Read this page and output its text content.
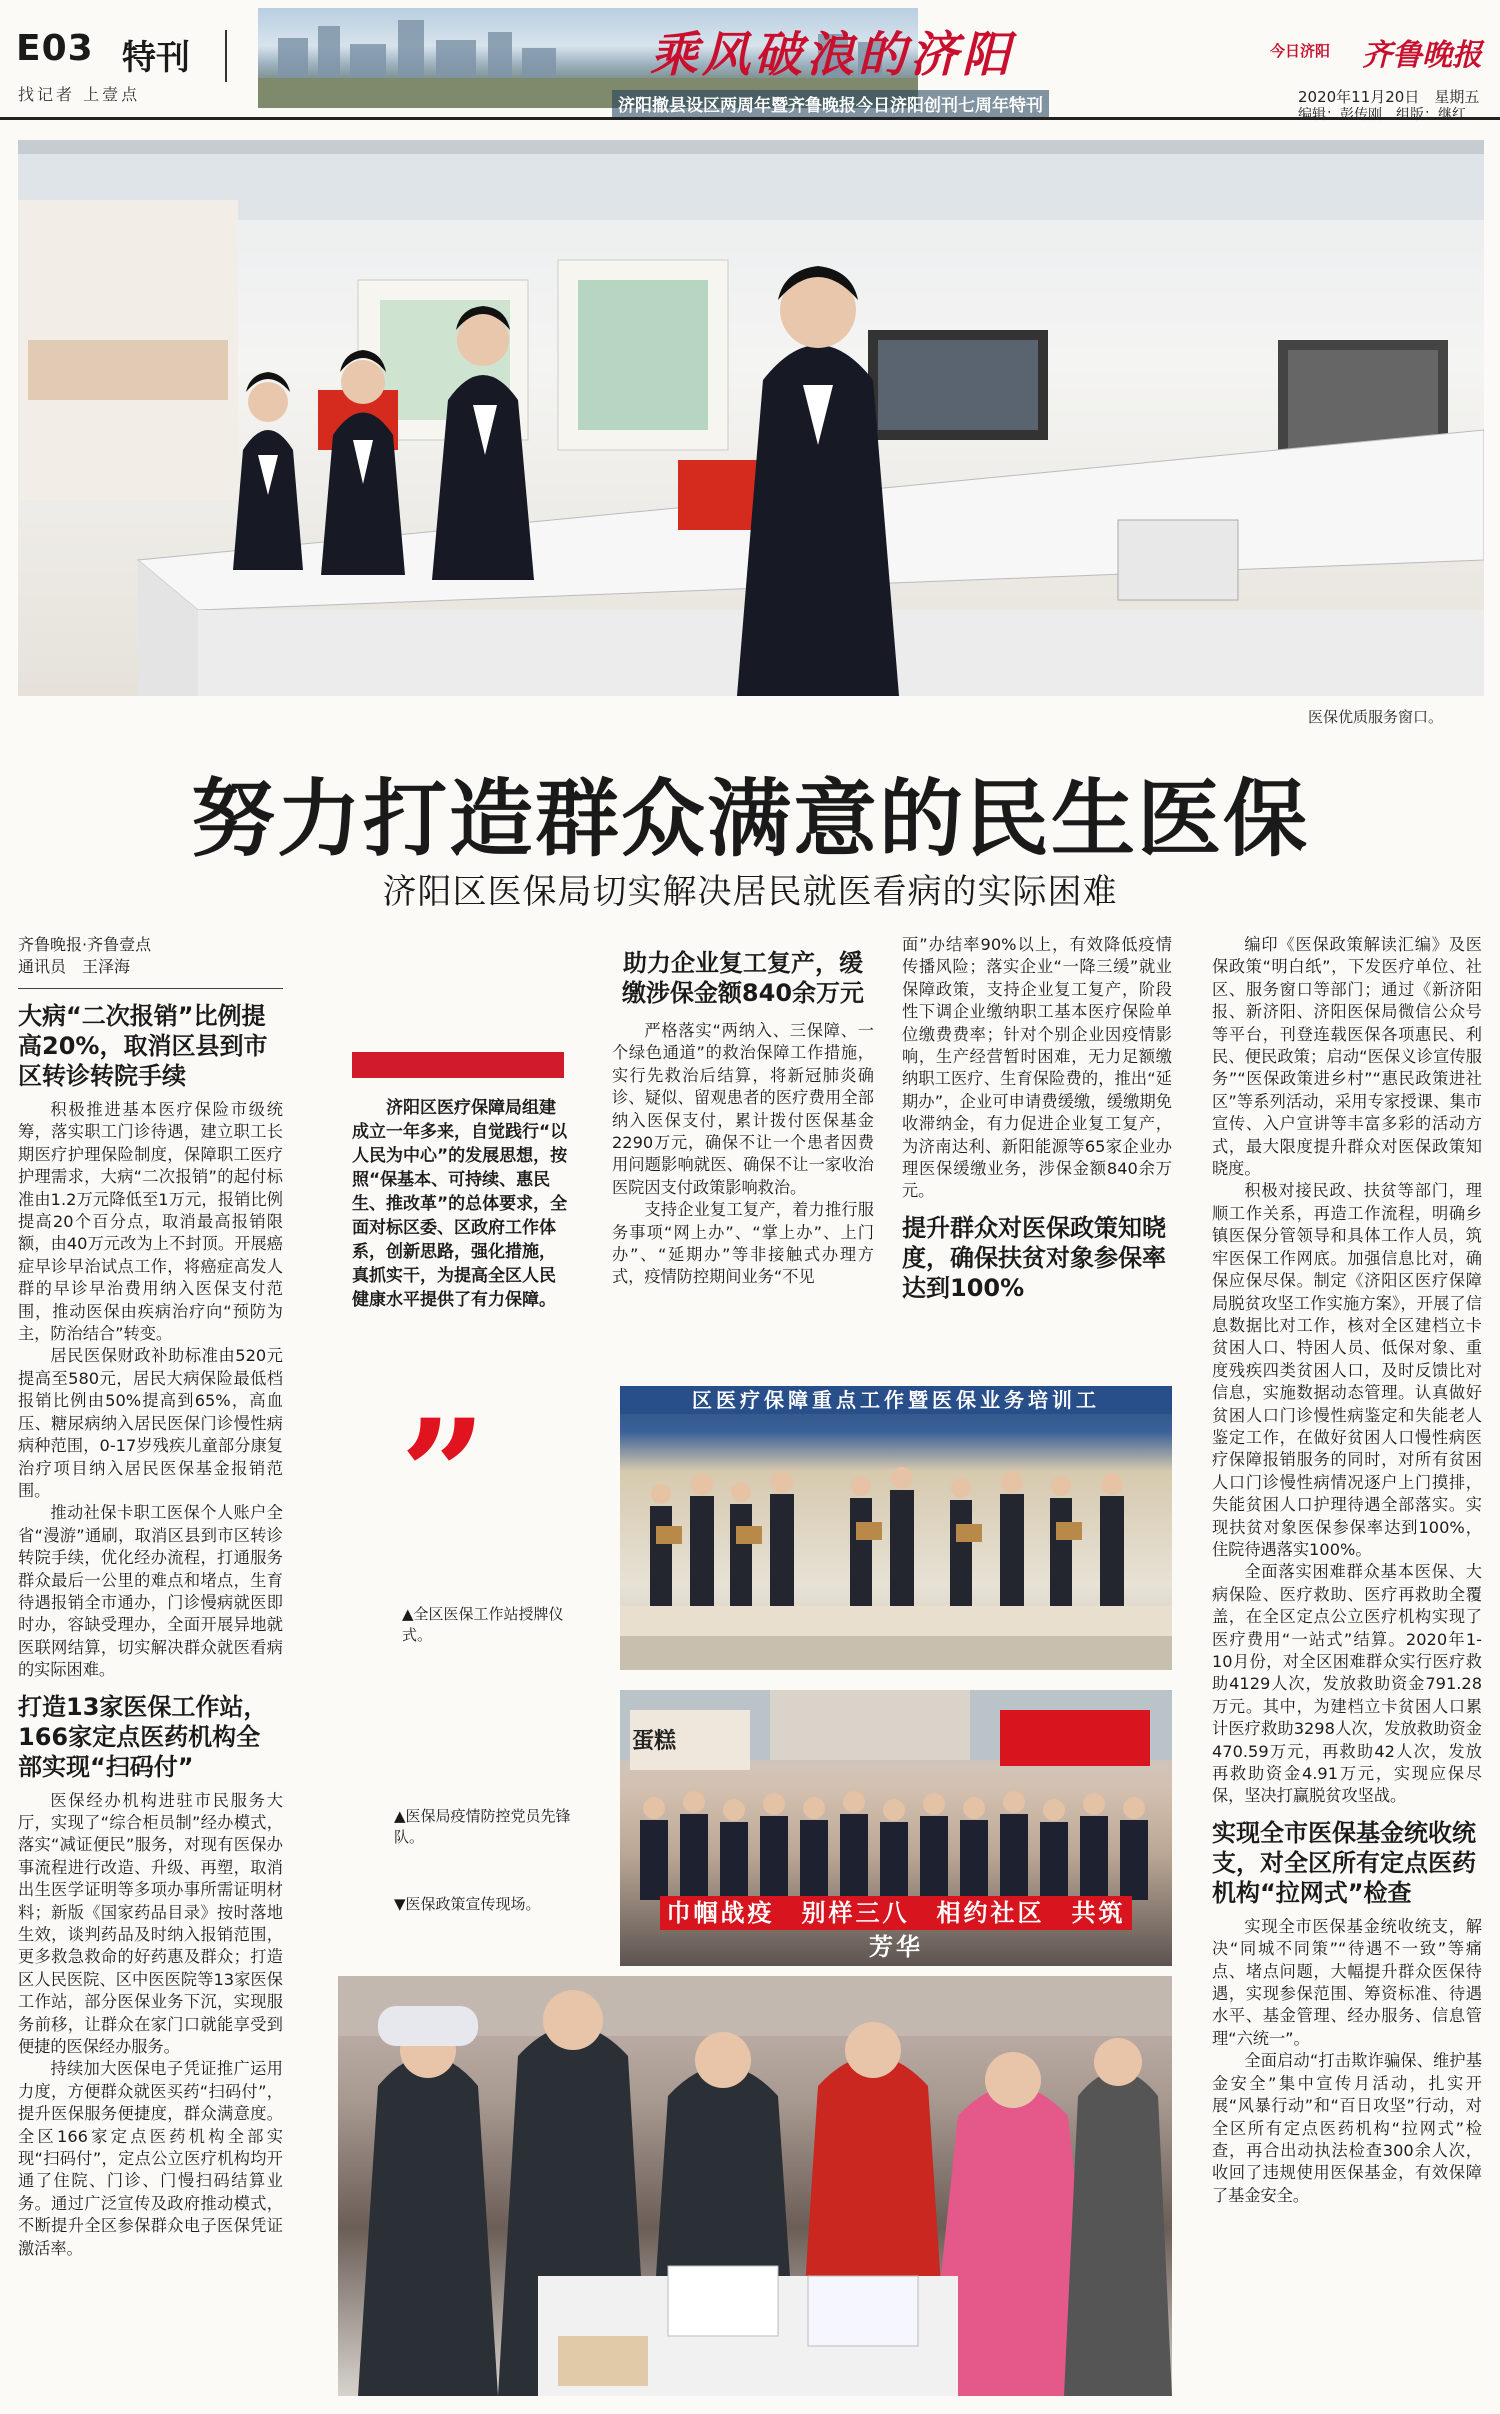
E03 特刊
找记者 上壹点
乘风破浪的济阳
济阳撤县设区两周年暨齐鲁晚报今日济阳创刊七周年特刊
今日济阳 齐鲁晚报
2020年11月20日　星期五
编辑：彭传刚　组版：继红
医保优质服务窗口。
努力打造群众满意的民生医保
济阳区医保局切实解决居民就医看病的实际困难
齐鲁晚报·齐鲁壹点
通讯员　王泽海
大病“二次报销”比例提高20%，取消区县到市区转诊转院手续

积极推进基本医疗保险市级统筹，落实职工门诊待遇，建立职工长期医疗护理保险制度，保障职工医疗护理需求，大病“二次报销”的起付标准由1.2万元降低至1万元，报销比例提高20个百分点，取消最高报销限额，由40万元改为上不封顶。开展癌症早诊早治试点工作，将癌症高发人群的早诊早治费用纳入医保支付范围，推动医保由疾病治疗向“预防为主，防治结合”转变。

居民医保财政补助标准由520元提高至580元，居民大病保险最低档报销比例由50%提高到65%，高血压、糖尿病纳入居民医保门诊慢性病病种范围，0-17岁残疾儿童部分康复治疗项目纳入居民医保基金报销范围。

推动社保卡职工医保个人账户全省“漫游”通刷，取消区县到市区转诊转院手续，优化经办流程，打通服务群众最后一公里的难点和堵点，生育待遇报销全市通办，门诊慢病就医即时办，容缺受理办，全面开展异地就医联网结算，切实解决群众就医看病的实际困难。

打造13家医保工作站，166家定点医药机构全部实现“扫码付”

医保经办机构进驻市民服务大厅，实现了“综合柜员制”经办模式，落实“减证便民”服务，对现有医保办事流程进行改造、升级、再塑，取消出生医学证明等多项办事所需证明材料；新版《国家药品目录》按时落地生效，谈判药品及时纳入报销范围，更多救急救命的好药惠及群众；打造区人民医院、区中医医院等13家医保工作站，部分医保业务下沉，实现服务前移，让群众在家门口就能享受到便捷的医保经办服务。

持续加大医保电子凭证推广运用力度，方便群众就医买药“扫码付”，提升医保服务便捷度，群众满意度。全区166家定点医药机构全部实现“扫码付”，定点公立医疗机构均开通了住院、门诊、门慢扫码结算业务。通过广泛宣传及政府推动模式，不断提升全区参保群众电子医保凭证激活率。

济阳区医疗保障局组建成立一年多来，自觉践行“以人民为中心”的发展思想，按照“保基本、可持续、惠民生、推改革”的总体要求，全面对标区委、区政府工作体系，创新思路，强化措施，真抓实干，为提高全区人民健康水平提供了有力保障。

”
▲全区医保工作站授牌仪式。
▲医保局疫情防控党员先锋队。
▼医保政策宣传现场。
助力企业复工复产，缓缴涉保金额840余万元

严格落实“两纳入、三保障、一个绿色通道”的救治保障工作措施，实行先救治后结算，将新冠肺炎确诊、疑似、留观患者的医疗费用全部纳入医保支付，累计拨付医保基金2290万元，确保不让一个患者因费用问题影响就医、确保不让一家收治医院因支付政策影响救治。

支持企业复工复产，着力推行服务事项“网上办”、“掌上办”、上门办”、“延期办”等非接触式办理方式，疫情防控期间业务“不见

面”办结率90%以上，有效降低疫情传播风险；落实企业“一降三缓”就业保障政策，支持企业复工复产，阶段性下调企业缴纳职工基本医疗保险单位缴费费率；针对个别企业因疫情影响，生产经营暂时困难，无力足额缴纳职工医疗、生育保险费的，推出“延期办”，企业可申请费缓缴，缓缴期免收滞纳金，有力促进企业复工复产，为济南达利、新阳能源等65家企业办理医保缓缴业务，涉保金额840余万元。

提升群众对医保政策知晓度，确保扶贫对象参保率达到100%

编印《医保政策解读汇编》及医保政策“明白纸”，下发医疗单位、社区、服务窗口等部门；通过《新济阳报、新济阳、济阳医保局微信公众号等平台，刊登连载医保各项惠民、利民、便民政策；启动“医保义诊宣传服务”“医保政策进乡村”“惠民政策进社区”等系列活动，采用专家授课、集市宣传、入户宣讲等丰富多彩的活动方式，最大限度提升群众对医保政策知晓度。

积极对接民政、扶贫等部门，理顺工作关系，再造工作流程，明确乡镇医保分管领导和具体工作人员，筑牢医保工作网底。加强信息比对，确保应保尽保。制定《济阳区医疗保障局脱贫攻坚工作实施方案》，开展了信息数据比对工作，核对全区建档立卡贫困人口、特困人员、低保对象、重度残疾四类贫困人口，及时反馈比对信息，实施数据动态管理。认真做好贫困人口门诊慢性病鉴定和失能老人鉴定工作，在做好贫困人口慢性病医疗保障报销服务的同时，对所有贫困人口门诊慢性病情况逐户上门摸排，失能贫困人口护理待遇全部落实。实现扶贫对象医保参保率达到100%，住院待遇落实100%。

全面落实困难群众基本医保、大病保险、医疗救助、医疗再救助全覆盖，在全区定点公立医疗机构实现了医疗费用“一站式”结算。2020年1-10月份，对全区困难群众实行医疗救助4129人次，发放救助资金791.28万元。其中，为建档立卡贫困人口累计医疗救助3298人次，发放救助资金470.59万元，再救助42人次，发放再救助资金4.91万元，实现应保尽保，坚决打赢脱贫攻坚战。

实现全市医保基金统收统支，对全区所有定点医药机构“拉网式”检查

实现全市医保基金统收统支，解决“同城不同策”“待遇不一致”等痛点、堵点问题，大幅提升群众医保待遇，实现参保范围、筹资标准、待遇水平、基金管理、经办服务、信息管理“六统一”。

全面启动“打击欺诈骗保、维护基金安全”集中宣传月活动，扎实开展“风暴行动”和“百日攻坚”行动，对全区所有定点医药机构“拉网式”检查，再合出动执法检查300余人次，收回了违规使用医保基金，有效保障了基金安全。

区医疗保障重点工作暨医保业务培训工
蛋糕
巾帼战疫　别样三八　相约社区　共筑芳华
